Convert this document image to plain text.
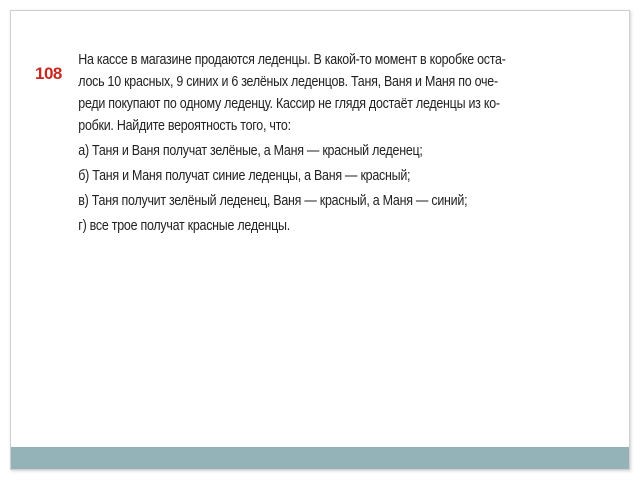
108
На кассе в магазине продаются леденцы. В какой-то момент в коробке оста-
лось 10 красных, 9 синих и 6 зелёных леденцов. Таня, Ваня и Маня по оче-
реди покупают по одному леденцу. Кассир не глядя достаёт леденцы из ко-
робки. Найдите вероятность того, что:
а) Таня и Ваня получат зелёные, а Маня — красный леденец;
б) Таня и Маня получат синие леденцы, а Ваня — красный;
в) Таня получит зелёный леденец, Ваня — красный, а Маня — синий;
г) все трое получат красные леденцы.
